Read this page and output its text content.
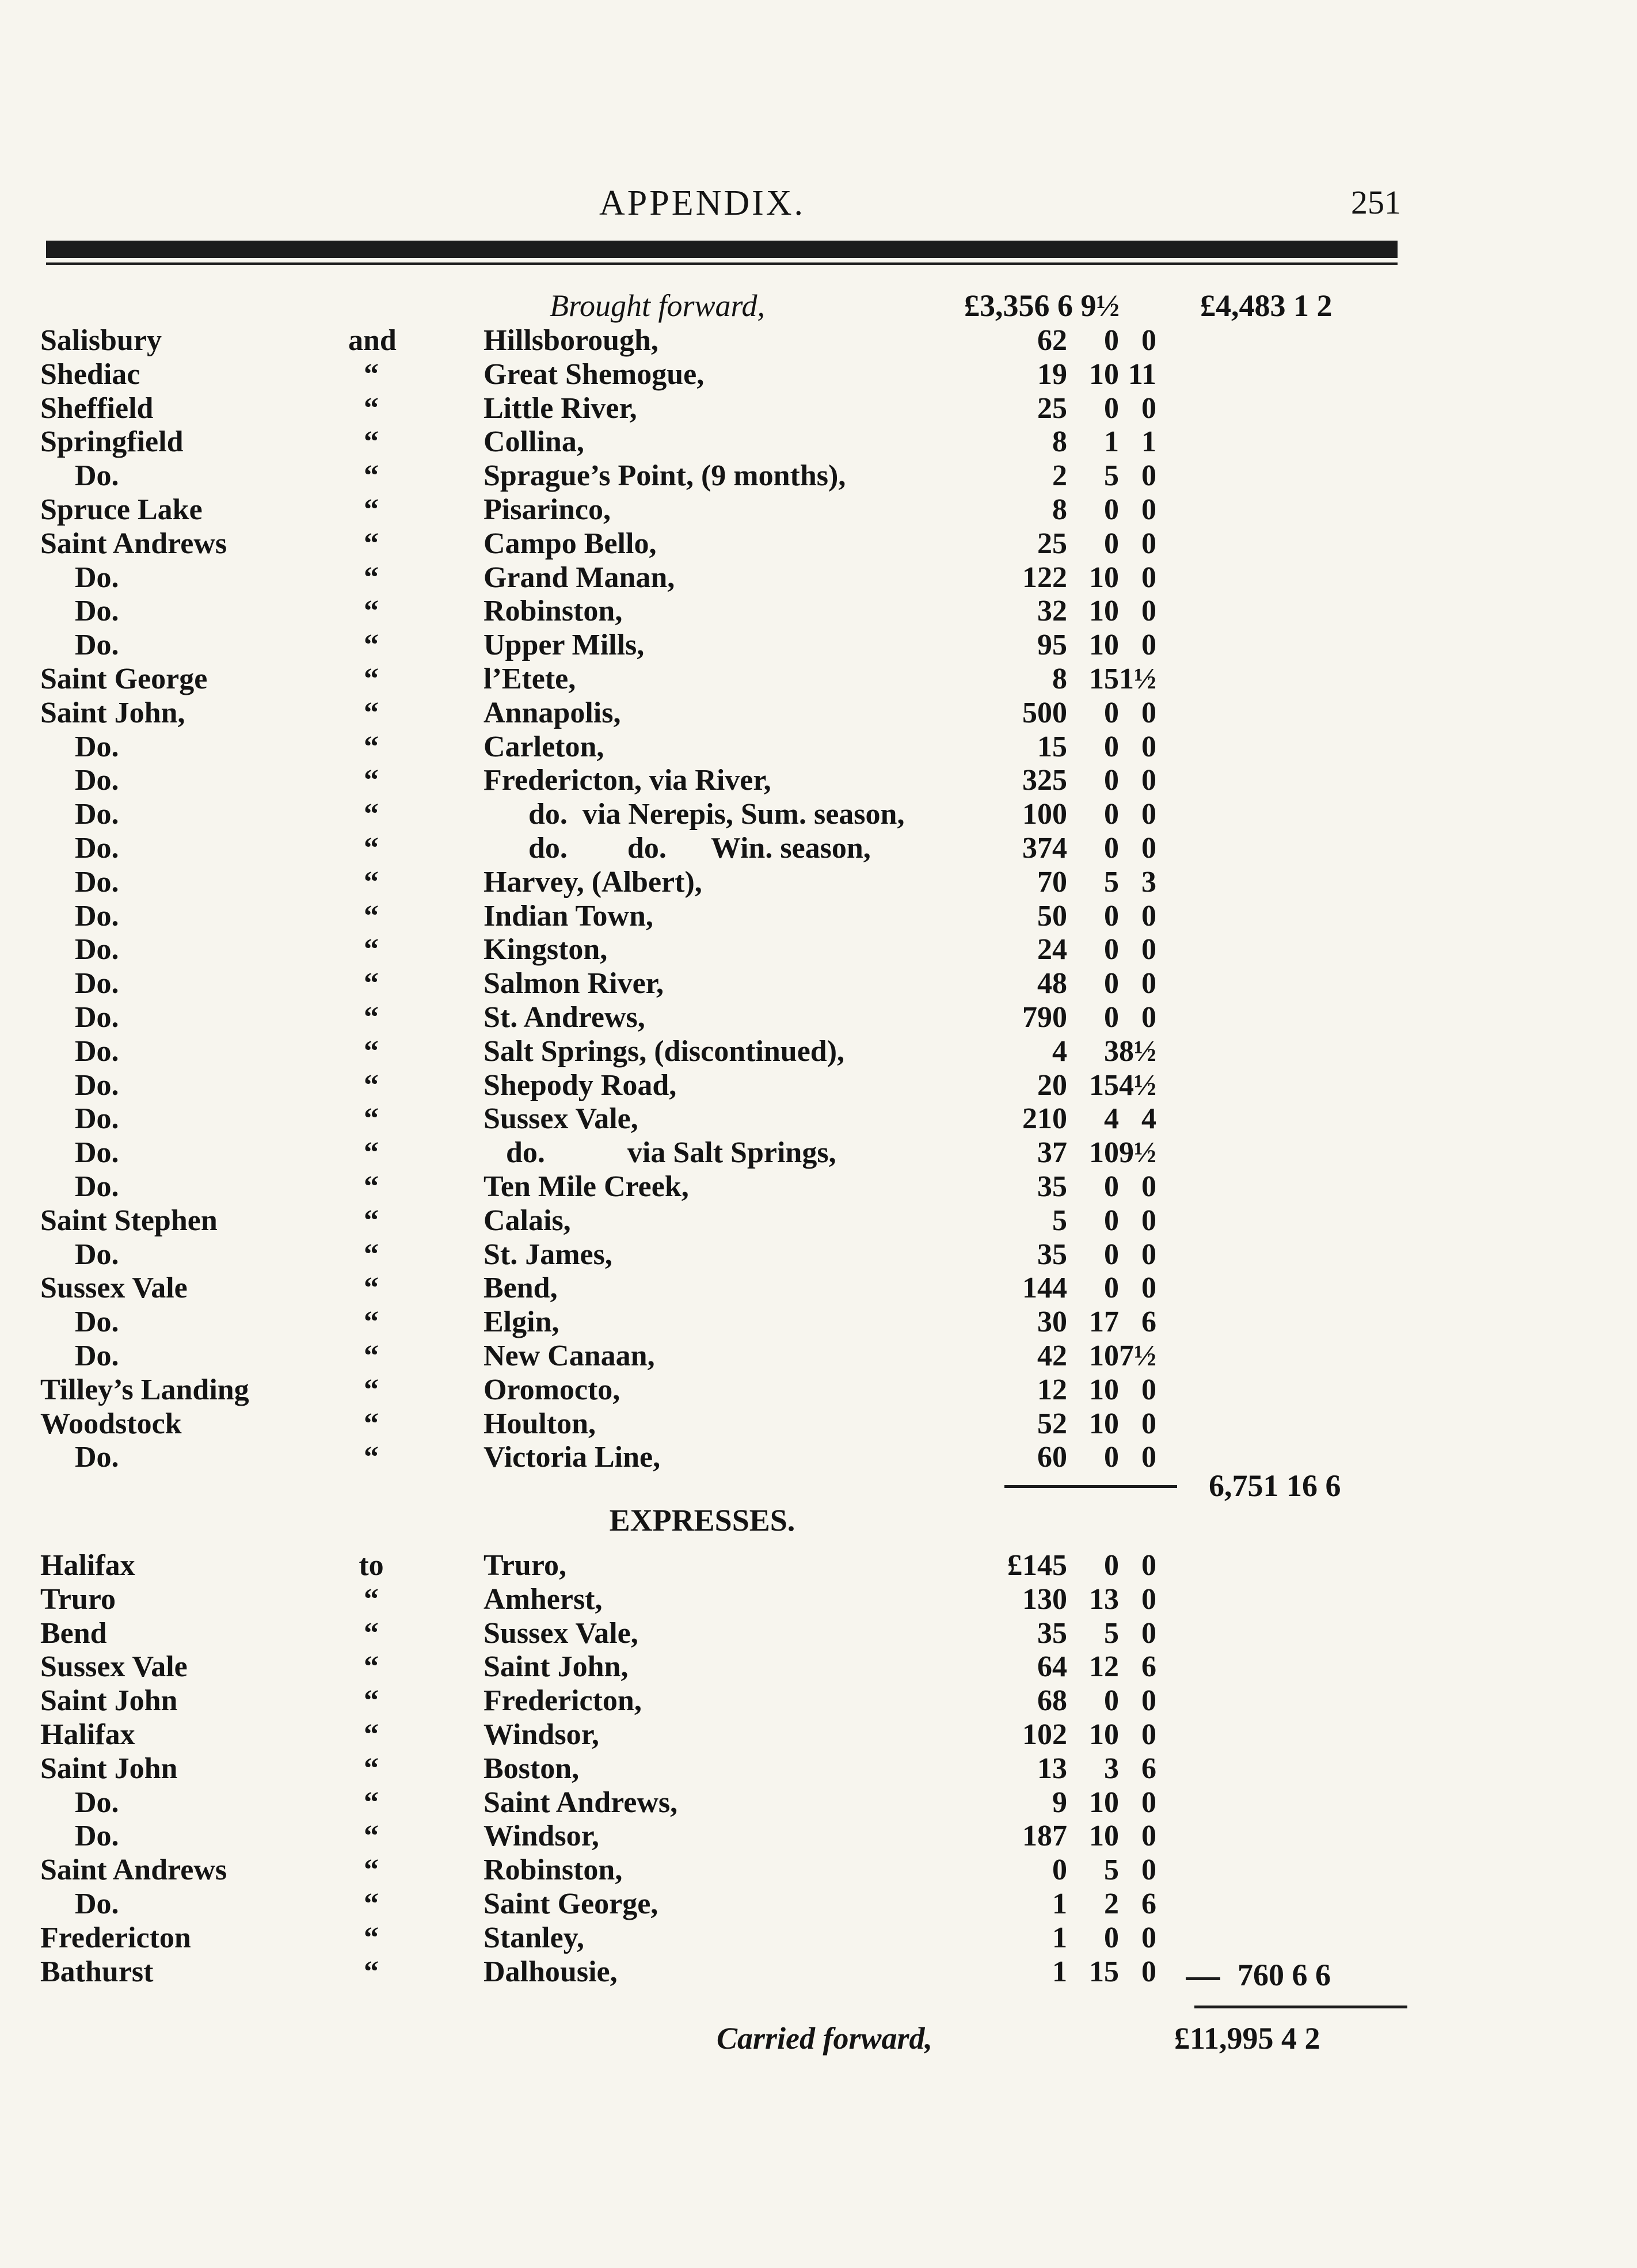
APPENDIX.	251
Brought forward,	£3,356 6 9½	£4,483 1 2
Salisbury	and	Hillsborough,	62 0 0
Shediac	“	Great Shemogue,	19 10 11
Sheffield	“	Little River,	25 0 0
Springfield	“	Collina,	8 1 1
Do.	“	Sprague’s Point, (9 months),	2 5 0
Spruce Lake	“	Pisarinco,	8 0 0
Saint Andrews	“	Campo Bello,	25 0 0
Do.	“	Grand Manan,	122 10 0
Do.	“	Robinston,	32 10 0
Do.	“	Upper Mills,	95 10 0
Saint George	“	l’Etete,	8 15 1½
Saint John,	“	Annapolis,	500 0 0
Do.	“	Carleton,	15 0 0
Do.	“	Fredericton, via River,	325 0 0
Do.	“	do.  via Nerepis, Sum. season,	100 0 0
Do.	“	do.        do.      Win. season,	374 0 0
Do.	“	Harvey, (Albert),	70 5 3
Do.	“	Indian Town,	50 0 0
Do.	“	Kingston,	24 0 0
Do.	“	Salmon River,	48 0 0
Do.	“	St. Andrews,	790 0 0
Do.	“	Salt Springs, (discontinued),	4 3 8½
Do.	“	Shepody Road,	20 15 4½
Do.	“	Sussex Vale,	210 4 4
Do.	“	do.           via Salt Springs,	37 10 9½
Do.	“	Ten Mile Creek,	35 0 0
Saint Stephen	“	Calais,	5 0 0
Do.	“	St. James,	35 0 0
Sussex Vale	“	Bend,	144 0 0
Do.	“	Elgin,	30 17 6
Do.	“	New Canaan,	42 10 7½
Tilley’s Landing	“	Oromocto,	12 10 0
Woodstock	“	Houlton,	52 10 0
Do.	“	Victoria Line,	60 0 0
6,751 16 6
EXPRESSES.
Halifax	to	Truro,	£145 0 0
Truro	“	Amherst,	130 13 0
Bend	“	Sussex Vale,	35 5 0
Sussex Vale	“	Saint John,	64 12 6
Saint John	“	Fredericton,	68 0 0
Halifax	“	Windsor,	102 10 0
Saint John	“	Boston,	13 3 6
Do.	“	Saint Andrews,	9 10 0
Do.	“	Windsor,	187 10 0
Saint Andrews	“	Robinston,	0 5 0
Do.	“	Saint George,	1 2 6
Fredericton	“	Stanley,	1 0 0
Bathurst	“	Dalhousie,	1 15 0	760 6 6
Carried forward,	£11,995 4 2
